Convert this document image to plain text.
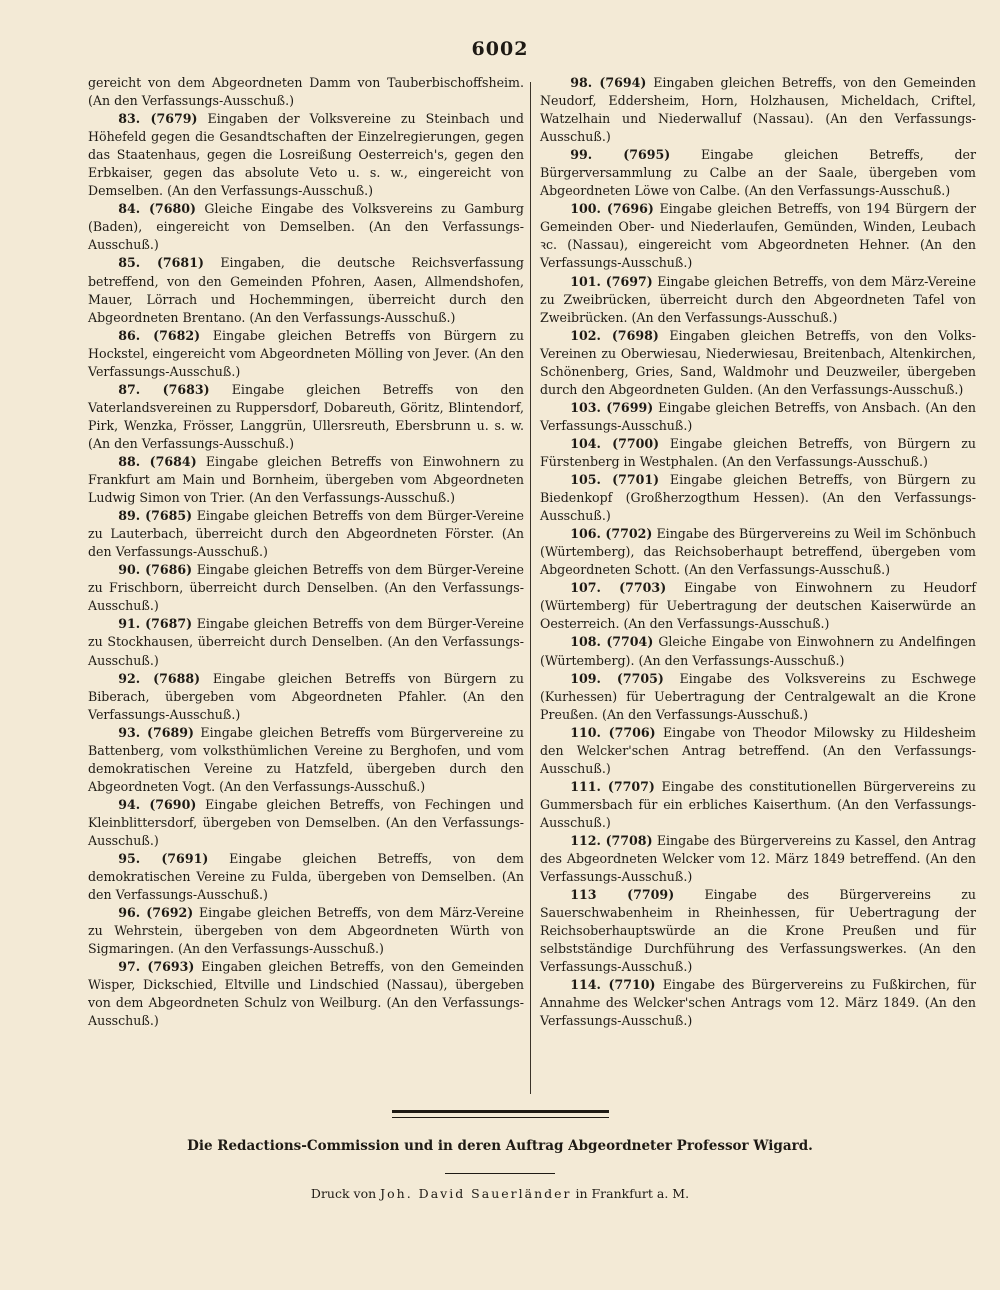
6002

gereicht von dem Abgeordneten Damm von Tauberbischoffsheim. (An den Verfassungs-Ausschuß.)

83. (7679) Eingaben der Volksvereine zu Steinbach und Höhefeld gegen die Gesandtschaften der Einzelregierungen, gegen das Staatenhaus, gegen die Losreißung Oesterreich's, gegen den Erbkaiser, gegen das absolute Veto u. s. w., eingereicht von Demselben. (An den Verfassungs-Ausschuß.)

84. (7680) Gleiche Eingabe des Volksvereins zu Gamburg (Baden), eingereicht von Demselben. (An den Verfassungs-Ausschuß.)

85. (7681) Eingaben, die deutsche Reichsverfassung betreffend, von den Gemeinden Pfohren, Aasen, Allmendshofen, Mauer, Lörrach und Hochemmingen, überreicht durch den Abgeordneten Brentano. (An den Verfassungs-Ausschuß.)

86. (7682) Eingabe gleichen Betreffs von Bürgern zu Hockstel, eingereicht vom Abgeordneten Mölling von Jever. (An den Verfassungs-Ausschuß.)

87. (7683) Eingabe gleichen Betreffs von den Vaterlandsvereinen zu Ruppersdorf, Dobareuth, Göritz, Blintendorf, Pirk, Wenzka, Frösser, Langgrün, Ullersreuth, Ebersbrunn u. s. w. (An den Verfassungs-Ausschuß.)

88. (7684) Eingabe gleichen Betreffs von Einwohnern zu Frankfurt am Main und Bornheim, übergeben vom Abgeordneten Ludwig Simon von Trier. (An den Verfassungs-Ausschuß.)

89. (7685) Eingabe gleichen Betreffs von dem Bürger-Vereine zu Lauterbach, überreicht durch den Abgeordneten Förster. (An den Verfassungs-Ausschuß.)

90. (7686) Eingabe gleichen Betreffs von dem Bürger-Vereine zu Frischborn, überreicht durch Denselben. (An den Verfassungs-Ausschuß.)

91. (7687) Eingabe gleichen Betreffs von dem Bürger-Vereine zu Stockhausen, überreicht durch Denselben. (An den Verfassungs-Ausschuß.)

92. (7688) Eingabe gleichen Betreffs von Bürgern zu Biberach, übergeben vom Abgeordneten Pfahler. (An den Verfassungs-Ausschuß.)

93. (7689) Eingabe gleichen Betreffs vom Bürgervereine zu Battenberg, vom volksthümlichen Vereine zu Berghofen, und vom demokratischen Vereine zu Hatzfeld, übergeben durch den Abgeordneten Vogt. (An den Verfassungs-Ausschuß.)

94. (7690) Eingabe gleichen Betreffs, von Fechingen und Kleinblittersdorf, übergeben von Demselben. (An den Verfassungs-Ausschuß.)

95. (7691) Eingabe gleichen Betreffs, von dem demokratischen Vereine zu Fulda, übergeben von Demselben. (An den Verfassungs-Ausschuß.)

96. (7692) Eingabe gleichen Betreffs, von dem März-Vereine zu Wehrstein, übergeben von dem Abgeordneten Würth von Sigmaringen. (An den Verfassungs-Ausschuß.)

97. (7693) Eingaben gleichen Betreffs, von den Gemeinden Wisper, Dickschied, Eltville und Lindschied (Nassau), übergeben von dem Abgeordneten Schulz von Weilburg. (An den Verfassungs-Ausschuß.)

98. (7694) Eingaben gleichen Betreffs, von den Gemeinden Neudorf, Eddersheim, Horn, Holzhausen, Micheldach, Criftel, Watzelhain und Niederwalluf (Nassau). (An den Verfassungs-Ausschuß.)

99. (7695) Eingabe gleichen Betreffs, der Bürgerversammlung zu Calbe an der Saale, übergeben vom Abgeordneten Löwe von Calbe. (An den Verfassungs-Ausschuß.)

100. (7696) Eingabe gleichen Betreffs, von 194 Bürgern der Gemeinden Ober- und Niederlaufen, Gemünden, Winden, Leubach ꝛc. (Nassau), eingereicht vom Abgeordneten Hehner. (An den Verfassungs-Ausschuß.)

101. (7697) Eingabe gleichen Betreffs, von dem März-Vereine zu Zweibrücken, überreicht durch den Abgeordneten Tafel von Zweibrücken. (An den Verfassungs-Ausschuß.)

102. (7698) Eingaben gleichen Betreffs, von den Volks-Vereinen zu Oberwiesau, Niederwiesau, Breitenbach, Altenkirchen, Schönenberg, Gries, Sand, Waldmohr und Deuzweiler, übergeben durch den Abgeordneten Gulden. (An den Verfassungs-Ausschuß.)

103. (7699) Eingabe gleichen Betreffs, von Ansbach. (An den Verfassungs-Ausschuß.)

104. (7700) Eingabe gleichen Betreffs, von Bürgern zu Fürstenberg in Westphalen. (An den Verfassungs-Ausschuß.)

105. (7701) Eingabe gleichen Betreffs, von Bürgern zu Biedenkopf (Großherzogthum Hessen). (An den Verfassungs-Ausschuß.)

106. (7702) Eingabe des Bürgervereins zu Weil im Schönbuch (Würtemberg), das Reichsoberhaupt betreffend, übergeben vom Abgeordneten Schott. (An den Verfassungs-Ausschuß.)

107. (7703) Eingabe von Einwohnern zu Heudorf (Würtemberg) für Uebertragung der deutschen Kaiserwürde an Oesterreich. (An den Verfassungs-Ausschuß.)

108. (7704) Gleiche Eingabe von Einwohnern zu Andelfingen (Würtemberg). (An den Verfassungs-Ausschuß.)

109. (7705) Eingabe des Volksvereins zu Eschwege (Kurhessen) für Uebertragung der Centralgewalt an die Krone Preußen. (An den Verfassungs-Ausschuß.)

110. (7706) Eingabe von Theodor Milowsky zu Hildesheim den Welcker'schen Antrag betreffend. (An den Verfassungs-Ausschuß.)

111. (7707) Eingabe des constitutionellen Bürgervereins zu Gummersbach für ein erbliches Kaiserthum. (An den Verfassungs-Ausschuß.)

112. (7708) Eingabe des Bürgervereins zu Kassel, den Antrag des Abgeordneten Welcker vom 12. März 1849 betreffend. (An den Verfassungs-Ausschuß.)

113 (7709) Eingabe des Bürgervereins zu Sauerschwabenheim in Rheinhessen, für Uebertragung der Reichsoberhauptswürde an die Krone Preußen und für selbstständige Durchführung des Verfassungswerkes. (An den Verfassungs-Ausschuß.)

114. (7710) Eingabe des Bürgervereins zu Fußkirchen, für Annahme des Welcker'schen Antrags vom 12. März 1849. (An den Verfassungs-Ausschuß.)

Die Redactions-Commission und in deren Auftrag Abgeordneter Professor Wigard.
Druck von Joh. David Sauerländer in Frankfurt a. M.
